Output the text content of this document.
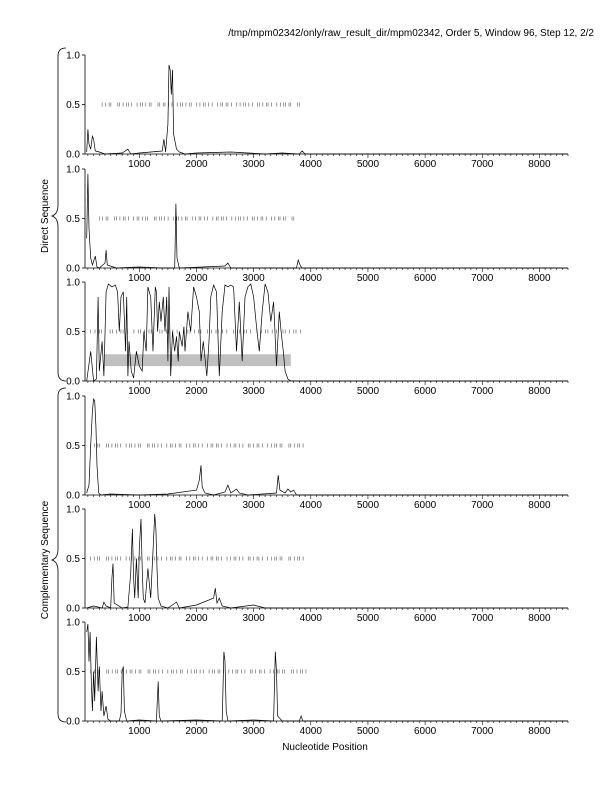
/tmp/mpm02342/only/raw_result_dir/mpm02342, Order 5, Window 96, Step 12, 2/2
0.0
0.5
1.0
1000	2000	3000	4000	5000	6000	7000	8000
0.0
0.5
1.0
1000	2000	3000	4000	5000	6000	7000	8000
0.0
0.5
1.0
1000	2000	3000	4000	5000	6000	7000	8000
0.0
0.5
1.0
1000	2000	3000	4000	5000	6000	7000	8000
0.0
0.5
1.0
1000	2000	3000	4000	5000	6000	7000	8000
0.0
0.5
1.0
1000	2000	3000	4000	5000	6000	7000	8000
Nucleotide Position
Direct Sequence
Complementary Sequence
